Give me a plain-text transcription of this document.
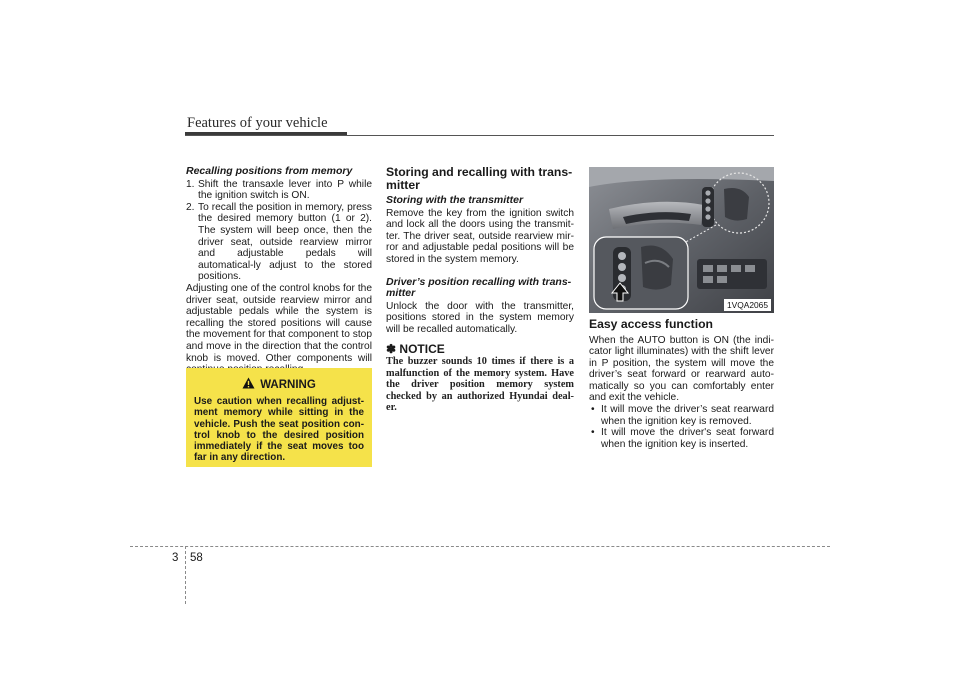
Features of your vehicle

Recalling positions from memory

1. Shift the transaxle lever into P while the ignition switch is ON.
2. To recall the position in memory, press the desired memory button (1 or 2). The system will beep once, then the driver seat, outside rearview mirror and adjustable pedals will automatical-ly adjust to the stored positions.

Adjusting one of the control knobs for the driver seat, outside rearview mirror and adjustable pedals while the system is recalling the stored positions will cause the movement for that component to stop and move in the direction that the control knob is moved. Other components will

WARNING
Use caution when recalling adjust-ment memory while sitting in the vehicle. Push the seat position con-trol knob to the desired position immediately if the seat moves too far in any direction.

Storing and recalling with trans-mitter

Storing with the transmitter

Remove the key from the ignition switch and lock all the doors using the transmit-ter. The driver seat, outside rearview mir-ror and adjustable pedal positions will be stored in the system memory.

Driver’s position recalling with trans-mitter

Unlock the door with the transmitter, positions stored in the system memory will be recalled automatically.

✽ NOTICE
The buzzer sounds 10 times if there is a malfunction of the memory system. Have the driver position memory system checked by an authorized Hyundai deal-er.
1VQA2065

Easy access function

When the AUTO button is ON (the indi-cator light illuminates) with the shift lever in P position, the system will move the driver’s seat forward or rearward auto-matically so you can comfortably enter and exit the vehicle.

• It will move the driver’s seat rearward when the ignition key is removed.
• It will move the driver's seat forward when the ignition key is inserted.
3 58
